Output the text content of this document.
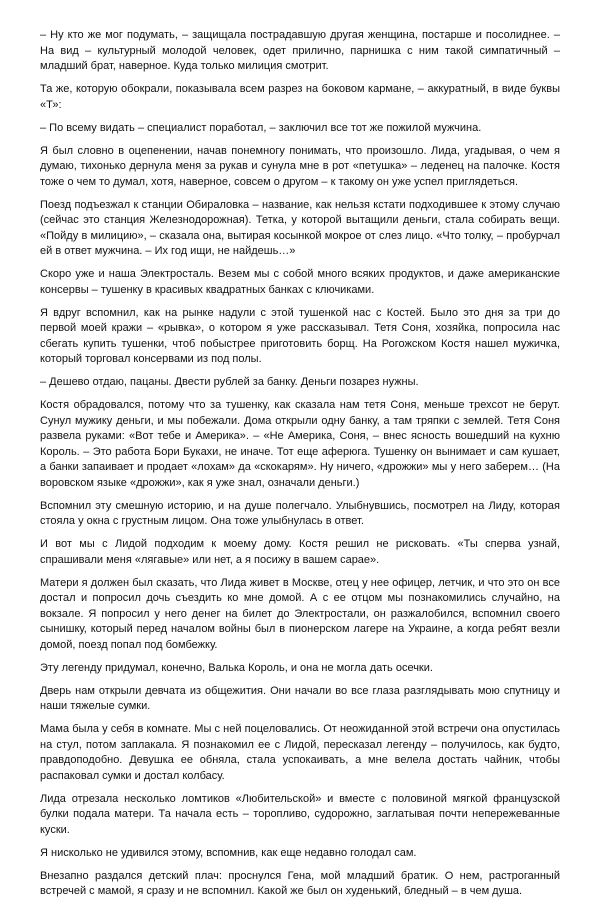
– Ну кто же мог подумать, – защищала пострадавшую другая женщина, постарше и посолиднее. – На вид – культурный молодой человек, одет прилично, парнишка с ним такой симпатичный – младший брат, наверное. Куда только милиция смотрит.

Та же, которую обокрали, показывала всем разрез на боковом кармане, – аккуратный, в виде буквы «Т»:

– По всему видать – специалист поработал, – заключил все тот же пожилой мужчина.

Я был словно в оцепенении, начав понемногу понимать, что произошло. Лида, угадывая, о чем я думаю, тихонько дернула меня за рукав и сунула мне в рот «петушка» – леденец на палочке. Костя тоже о чем то думал, хотя, наверное, совсем о другом – к такому он уже успел приглядеться.

Поезд подъезжал к станции Обираловка – название, как нельзя кстати подходившее к этому случаю (сейчас это станция Железнодорожная). Тетка, у которой вытащили деньги, стала собирать вещи. «Пойду в милицию», – сказала она, вытирая косынкой мокрое от слез лицо. «Что толку, – пробурчал ей в ответ мужчина. – Их год ищи, не найдешь…»

Скоро уже и наша Электросталь. Везем мы с собой много всяких продуктов, и даже американские консервы – тушенку в красивых квадратных банках с ключиками.

Я вдруг вспомнил, как на рынке надули с этой тушенкой нас с Костей. Было это дня за три до первой моей кражи – «рывка», о котором я уже рассказывал. Тетя Соня, хозяйка, попросила нас сбегать купить тушенки, чтоб побыстрее приготовить борщ. На Рогожском Костя нашел мужичка, который торговал консервами из под полы.

– Дешево отдаю, пацаны. Двести рублей за банку. Деньги позарез нужны.

Костя обрадовался, потому что за тушенку, как сказала нам тетя Соня, меньше трехсот не берут. Сунул мужику деньги, и мы побежали. Дома открыли одну банку, а там тряпки с землей. Тетя Соня развела руками: «Вот тебе и Америка». – «Не Америка, Соня, – внес ясность вошедший на кухню Король. – Это работа Бори Букахи, не иначе. Тот еще аферюга. Тушенку он вынимает и сам кушает, а банки запаивает и продает «лохам» да «скокарям». Ну ничего, «дрожжи» мы у него заберем… (На воровском языке «дрожжи», как я уже знал, означали деньги.)

Вспомнил эту смешную историю, и на душе полегчало. Улыбнувшись, посмотрел на Лиду, которая стояла у окна с грустным лицом. Она тоже улыбнулась в ответ.

И вот мы с Лидой подходим к моему дому. Костя решил не рисковать. «Ты сперва узнай, спрашивали меня «лягавые» или нет, а я посижу в вашем сарае».

Матери я должен был сказать, что Лида живет в Москве, отец у нее офицер, летчик, и что это он все достал и попросил дочь съездить ко мне домой. А с ее отцом мы познакомились случайно, на вокзале. Я попросил у него денег на билет до Электростали, он разжалобился, вспомнил своего сынишку, который перед началом войны был в пионерском лагере на Украине, а когда ребят везли домой, поезд попал под бомбежку.

Эту легенду придумал, конечно, Валька Король, и она не могла дать осечки.

Дверь нам открыли девчата из общежития. Они начали во все глаза разглядывать мою спутницу и наши тяжелые сумки.

Мама была у себя в комнате. Мы с ней поцеловались. От неожиданной этой встречи она опустилась на стул, потом заплакала. Я познакомил ее с Лидой, пересказал легенду – получилось, как будто, правдоподобно. Девушка ее обняла, стала успокаивать, а мне велела достать чайник, чтобы распаковал сумки и достал колбасу.

Лида отрезала несколько ломтиков «Любительской» и вместе с половиной мягкой французской булки подала матери. Та начала есть – торопливо, судорожно, заглатывая почти непережеванные куски.

Я нисколько не удивился этому, вспомнив, как еще недавно голодал сам.

Внезапно раздался детский плач: проснулся Гена, мой младший братик. О нем, растроганный встречей с мамой, я сразу и не вспомнил. Какой же был он худенький, бледный – в чем душа.
